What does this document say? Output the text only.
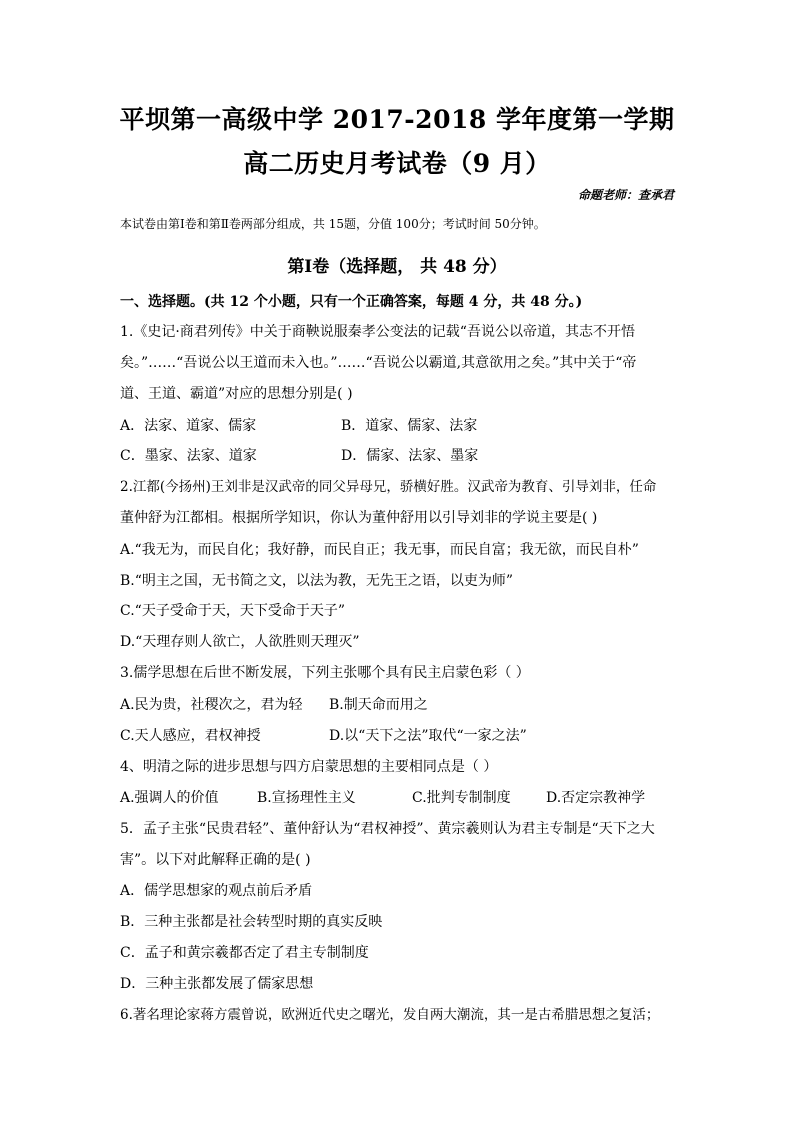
平坝第一高级中学 2017-2018 学年度第一学期
高二历史月考试卷（9 月）
命题老师：查承君
本试卷由第Ⅰ卷和第Ⅱ卷两部分组成，共 15题，分值 100分；考试时间 50分钟。
第Ⅰ卷（选择题， 共 48 分）
一、选择题。(共 12 个小题，只有一个正确答案，每题 4 分，共 48 分。)
1.《史记·商君列传》中关于商鞅说服秦孝公变法的记载“吾说公以帝道，其志不开悟
矣。”……“吾说公以王道而未入也。”……“吾说公以霸道,其意欲用之矣。”其中关于“帝
道、王道、霸道”对应的思想分别是( )
A．法家、道家、儒家	B．道家、儒家、法家
C．墨家、法家、道家	D．儒家、法家、墨家
2.江都(今扬州)王刘非是汉武帝的同父异母兄，骄横好胜。汉武帝为教育、引导刘非，任命
董仲舒为江都相。根据所学知识，你认为董仲舒用以引导刘非的学说主要是( )
A.“我无为，而民自化；我好静，而民自正；我无事，而民自富；我无欲，而民自朴”
B.“明主之国，无书简之文，以法为教，无先王之语，以吏为师”
C.“天子受命于天，天下受命于天子”
D.“天理存则人欲亡，人欲胜则天理灭”
3.儒学思想在后世不断发展，下列主张哪个具有民主启蒙色彩（ ）
A.民为贵，社稷次之，君为轻 B.制天命而用之
C.天人感应，君权神授	D.以“天下之法”取代“一家之法”
4、明清之际的进步思想与四方启蒙思想的主要相同点是（ ）
A.强调人的价值	B.宣扬理性主义	C.批判专制制度	D.否定宗教神学
5．孟子主张“民贵君轻”、董仲舒认为“君权神授”、黄宗羲则认为君主专制是“天下之大
害”。以下对此解释正确的是( )
A．儒学思想家的观点前后矛盾
B．三种主张都是社会转型时期的真实反映
C．孟子和黄宗羲都否定了君主专制制度
D．三种主张都发展了儒家思想
6.著名理论家蒋方震曾说，欧洲近代史之曙光，发自两大潮流，其一是古希腊思想之复活；
